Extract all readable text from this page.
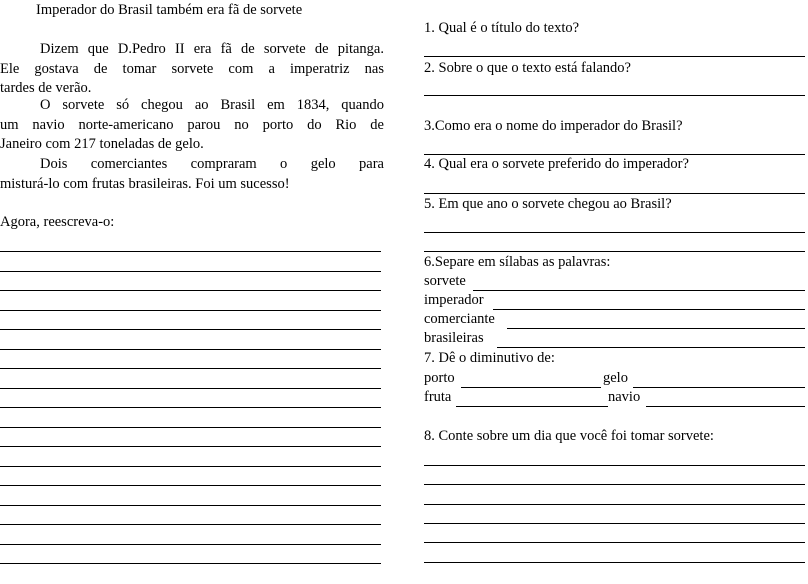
Imperador do Brasil também era fã de sorvete
Dizem que D.Pedro II era fã de sorvete de pitanga.
Ele gostava de tomar sorvete com a imperatriz nas
tardes de verão.
O sorvete só chegou ao Brasil em 1834, quando
um navio norte-americano parou no porto do Rio de
Janeiro com 217 toneladas de gelo.
Dois comerciantes compraram o gelo para
misturá-lo com frutas brasileiras. Foi um sucesso!
Agora, reescreva-o:
1. Qual é o título do texto?
2. Sobre o que o texto está falando?
3.Como era o nome do imperador do Brasil?
4. Qual era o sorvete preferido do imperador?
5. Em que ano o sorvete chegou ao Brasil?
6.Separe em sílabas as palavras:
sorvete
imperador
comerciante
brasileiras
7. Dê o diminutivo de:
porto	gelo
fruta	navio
8. Conte sobre um dia que você foi tomar sorvete:
